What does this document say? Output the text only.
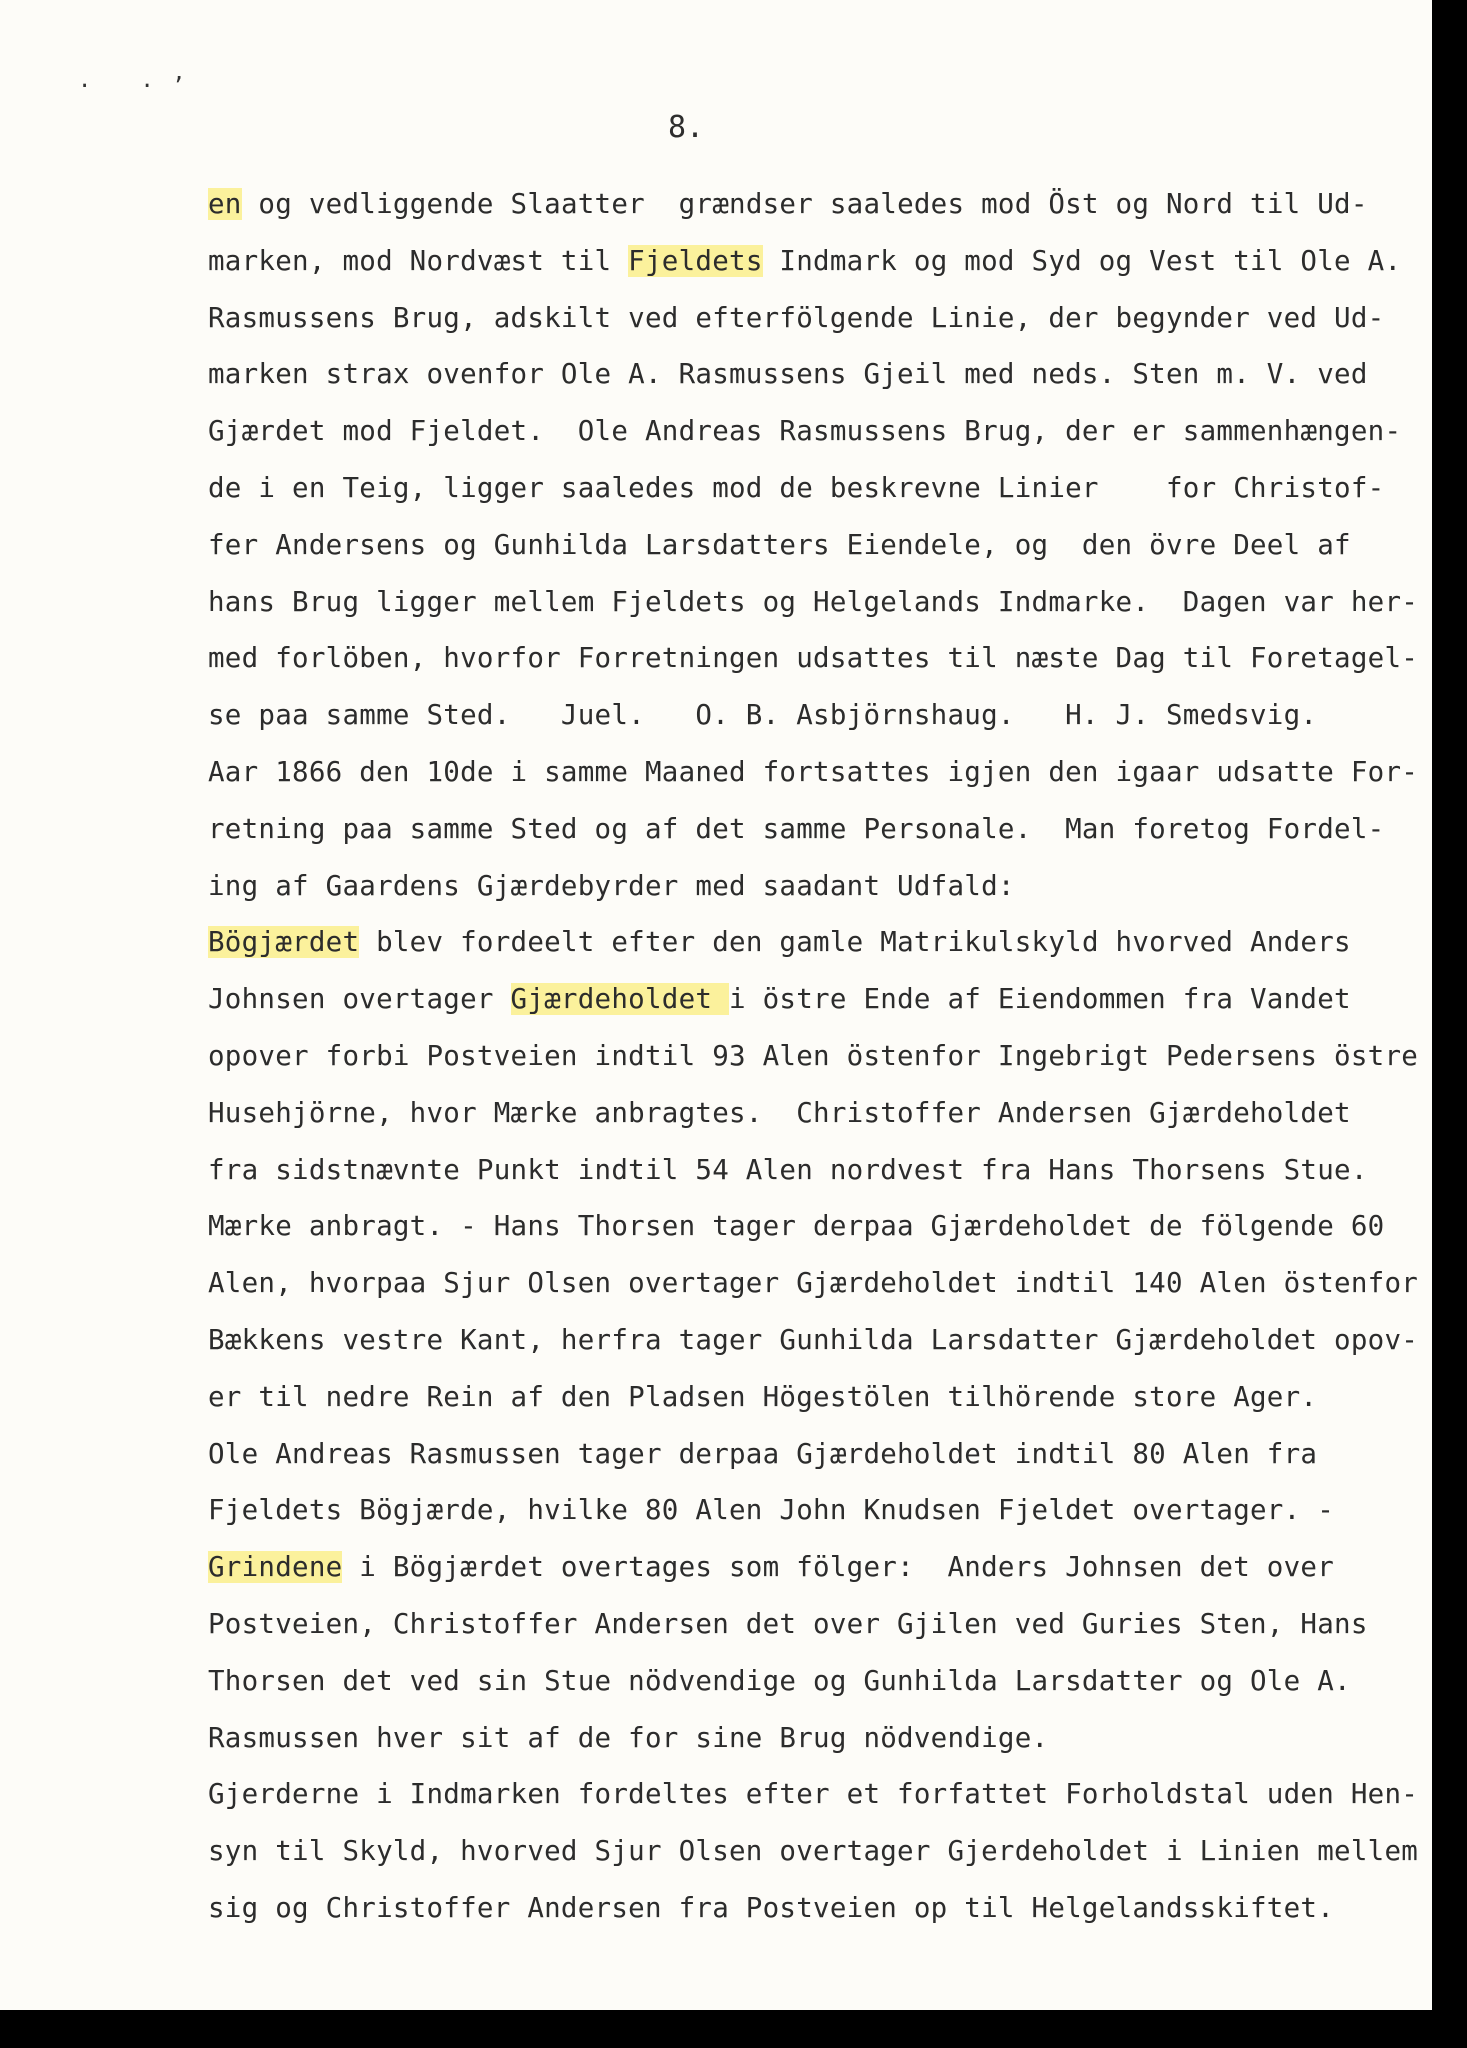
· ·’
8.
en og vedliggende Slaatter  grændser saaledes mod Öst og Nord til Ud-
marken, mod Nordvæst til Fjeldets Indmark og mod Syd og Vest til Ole A.
Rasmussens Brug, adskilt ved efterfölgende Linie, der begynder ved Ud-
marken strax ovenfor Ole A. Rasmussens Gjeil med neds. Sten m. V. ved
Gjærdet mod Fjeldet.  Ole Andreas Rasmussens Brug, der er sammenhængen-
de i en Teig, ligger saaledes mod de beskrevne Linier    for Christof-
fer Andersens og Gunhilda Larsdatters Eiendele, og  den övre Deel af
hans Brug ligger mellem Fjeldets og Helgelands Indmarke.  Dagen var her-
med forlöben, hvorfor Forretningen udsattes til næste Dag til Foretagel-
se paa samme Sted.   Juel.   O. B. Asbjörnshaug.   H. J. Smedsvig.
Aar 1866 den 10de i samme Maaned fortsattes igjen den igaar udsatte For-
retning paa samme Sted og af det samme Personale.  Man foretog Fordel-
ing af Gaardens Gjærdebyrder med saadant Udfald:
Bögjærdet blev fordeelt efter den gamle Matrikulskyld hvorved Anders
Johnsen overtager Gjærdeholdet i östre Ende af Eiendommen fra Vandet
opover forbi Postveien indtil 93 Alen östenfor Ingebrigt Pedersens östre
Husehjörne, hvor Mærke anbragtes.  Christoffer Andersen Gjærdeholdet
fra sidstnævnte Punkt indtil 54 Alen nordvest fra Hans Thorsens Stue.
Mærke anbragt. - Hans Thorsen tager derpaa Gjærdeholdet de fölgende 60
Alen, hvorpaa Sjur Olsen overtager Gjærdeholdet indtil 140 Alen östenfor
Bækkens vestre Kant, herfra tager Gunhilda Larsdatter Gjærdeholdet opov-
er til nedre Rein af den Pladsen Högestölen tilhörende store Ager.
Ole Andreas Rasmussen tager derpaa Gjærdeholdet indtil 80 Alen fra
Fjeldets Bögjærde, hvilke 80 Alen John Knudsen Fjeldet overtager. -
Grindene i Bögjærdet overtages som fölger:  Anders Johnsen det over
Postveien, Christoffer Andersen det over Gjilen ved Guries Sten, Hans
Thorsen det ved sin Stue nödvendige og Gunhilda Larsdatter og Ole A.
Rasmussen hver sit af de for sine Brug nödvendige.
Gjerderne i Indmarken fordeltes efter et forfattet Forholdstal uden Hen-
syn til Skyld, hvorved Sjur Olsen overtager Gjerdeholdet i Linien mellem
sig og Christoffer Andersen fra Postveien op til Helgelandsskiftet.
